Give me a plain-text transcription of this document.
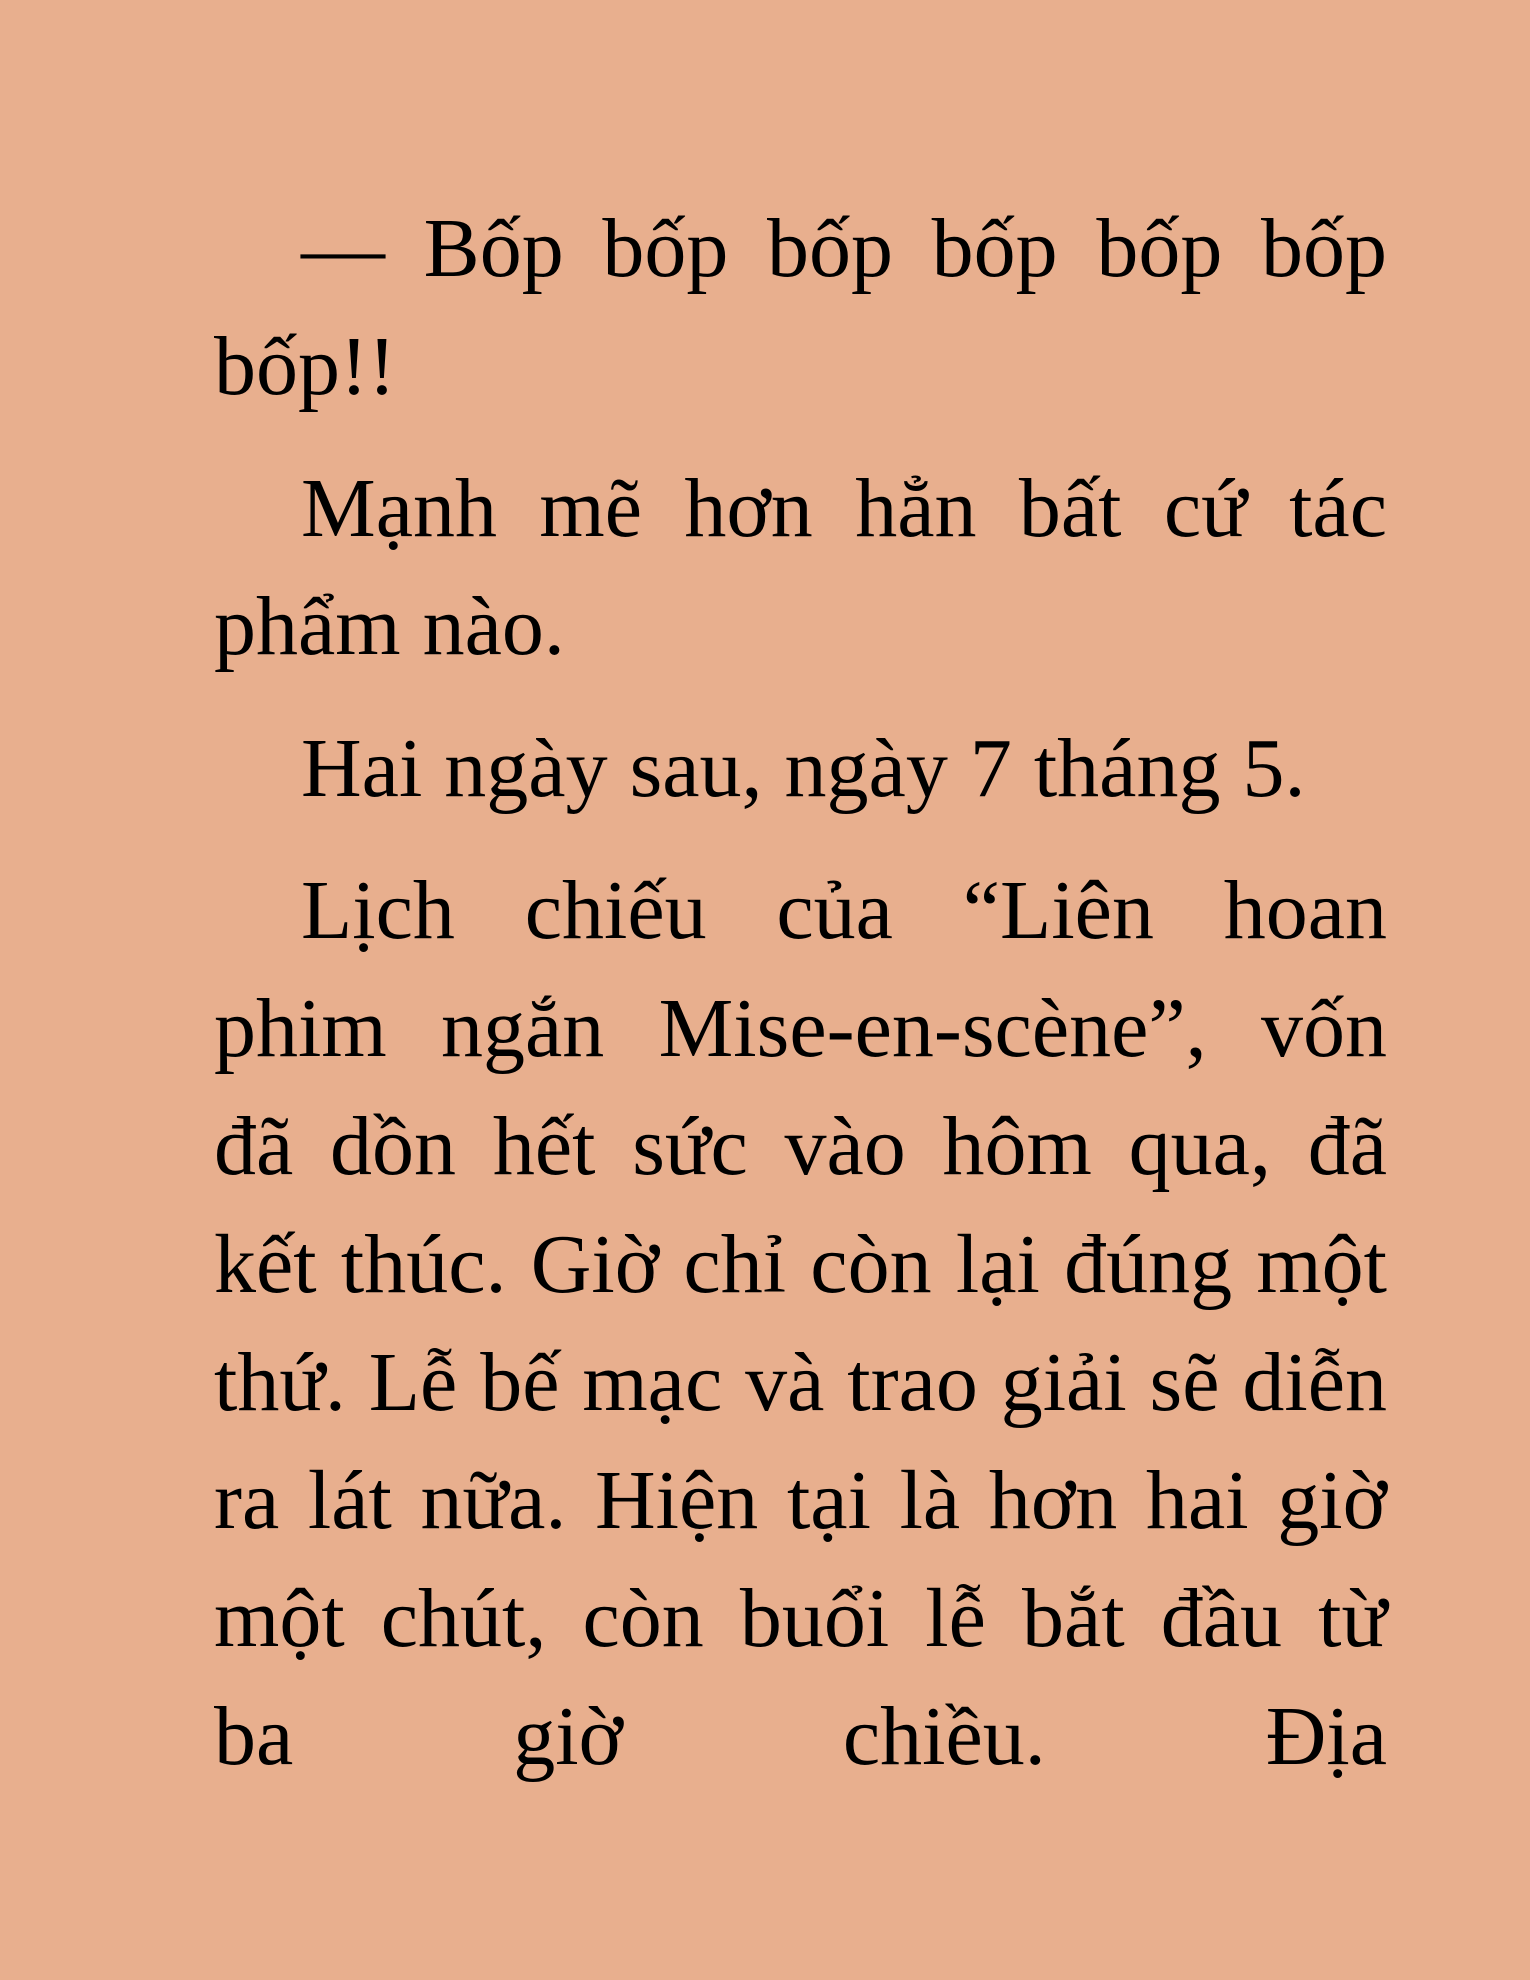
— Bốp bốp bốp bốp bốp bốp bốp!!

Mạnh mẽ hơn hẳn bất cứ tác phẩm nào.

Hai ngày sau, ngày 7 tháng 5.

Lịch chiếu của “Liên hoan phim ngắn Mise-en-scène”, vốn đã dồn hết sức vào hôm qua, đã kết thúc. Giờ chỉ còn lại đúng một thứ. Lễ bế mạc và trao giải sẽ diễn ra lát nữa. Hiện tại là hơn hai giờ một chút, còn buổi lễ bắt đầu từ ba giờ chiều. Địa
